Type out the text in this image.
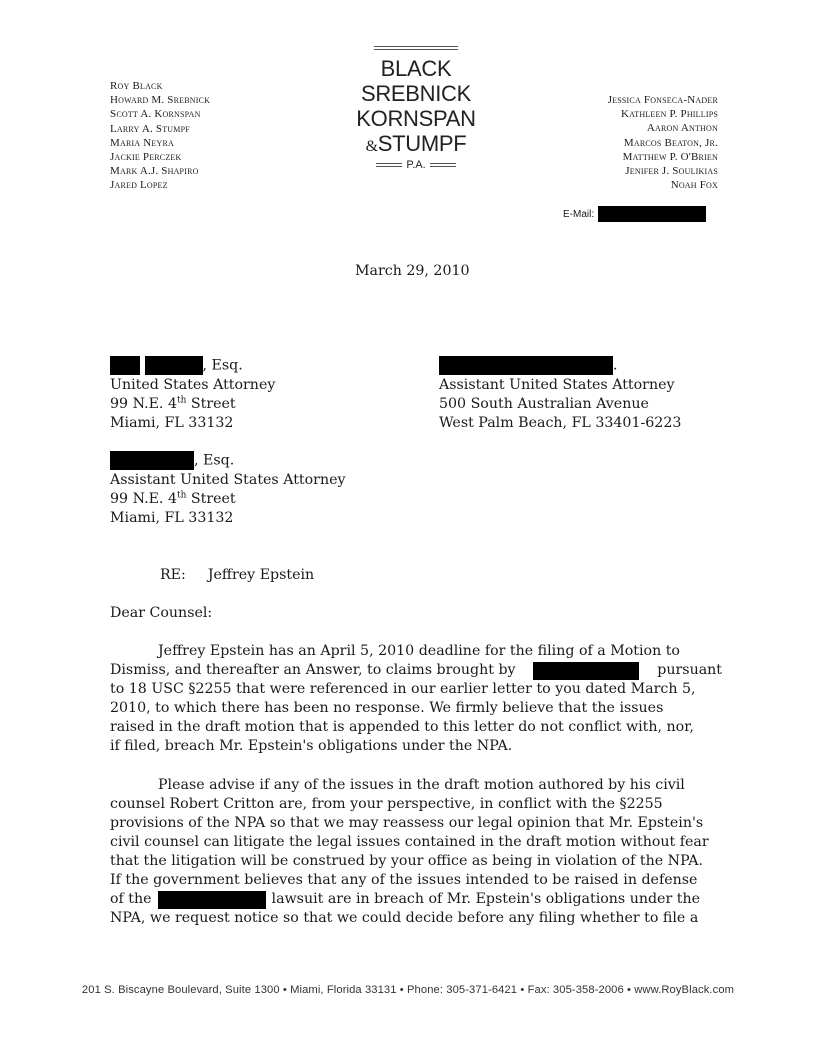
Roy Black
Howard M. Srebnick
Scott A. Kornspan
Larry A. Stumpf
Maria Neyra
Jackie Perczek
Mark A.J. Shapiro
Jared Lopez
BLACK
SREBNICK
KORNSPAN
&STUMPF
P.A.
Jessica Fonseca-Nader
Kathleen P. Phillips
Aaron Anthon
Marcos Beaton, Jr.
Matthew P. O'Brien
Jenifer J. Soulikias
Noah Fox
E-Mail:
March 29, 2010
, Esq.
United States Attorney
99 N.E. 4th Street
Miami, FL 33132
.
Assistant United States Attorney
500 South Australian Avenue
West Palm Beach, FL 33401-6223
, Esq.
Assistant United States Attorney
99 N.E. 4th Street
Miami, FL 33132
RE: Jeffrey Epstein
Dear Counsel:
Jeffrey Epstein has an April 5, 2010 deadline for the filing of a Motion to
Dismiss, and thereafter an Answer, to claims brought by	pursuant
to 18 USC §2255 that were referenced in our earlier letter to you dated March 5,
2010, to which there has been no response. We firmly believe that the issues
raised in the draft motion that is appended to this letter do not conflict with, nor,
if filed, breach Mr. Epstein's obligations under the NPA.
Please advise if any of the issues in the draft motion authored by his civil
counsel Robert Critton are, from your perspective, in conflict with the §2255
provisions of the NPA so that we may reassess our legal opinion that Mr. Epstein's
civil counsel can litigate the legal issues contained in the draft motion without fear
that the litigation will be construed by your office as being in violation of the NPA.
If the government believes that any of the issues intended to be raised in defense
of the	lawsuit are in breach of Mr. Epstein's obligations under the
NPA, we request notice so that we could decide before any filing whether to file a
201 S. Biscayne Boulevard, Suite 1300 • Miami, Florida 33131 • Phone: 305-371-6421 • Fax: 305-358-2006 • www.RoyBlack.com
